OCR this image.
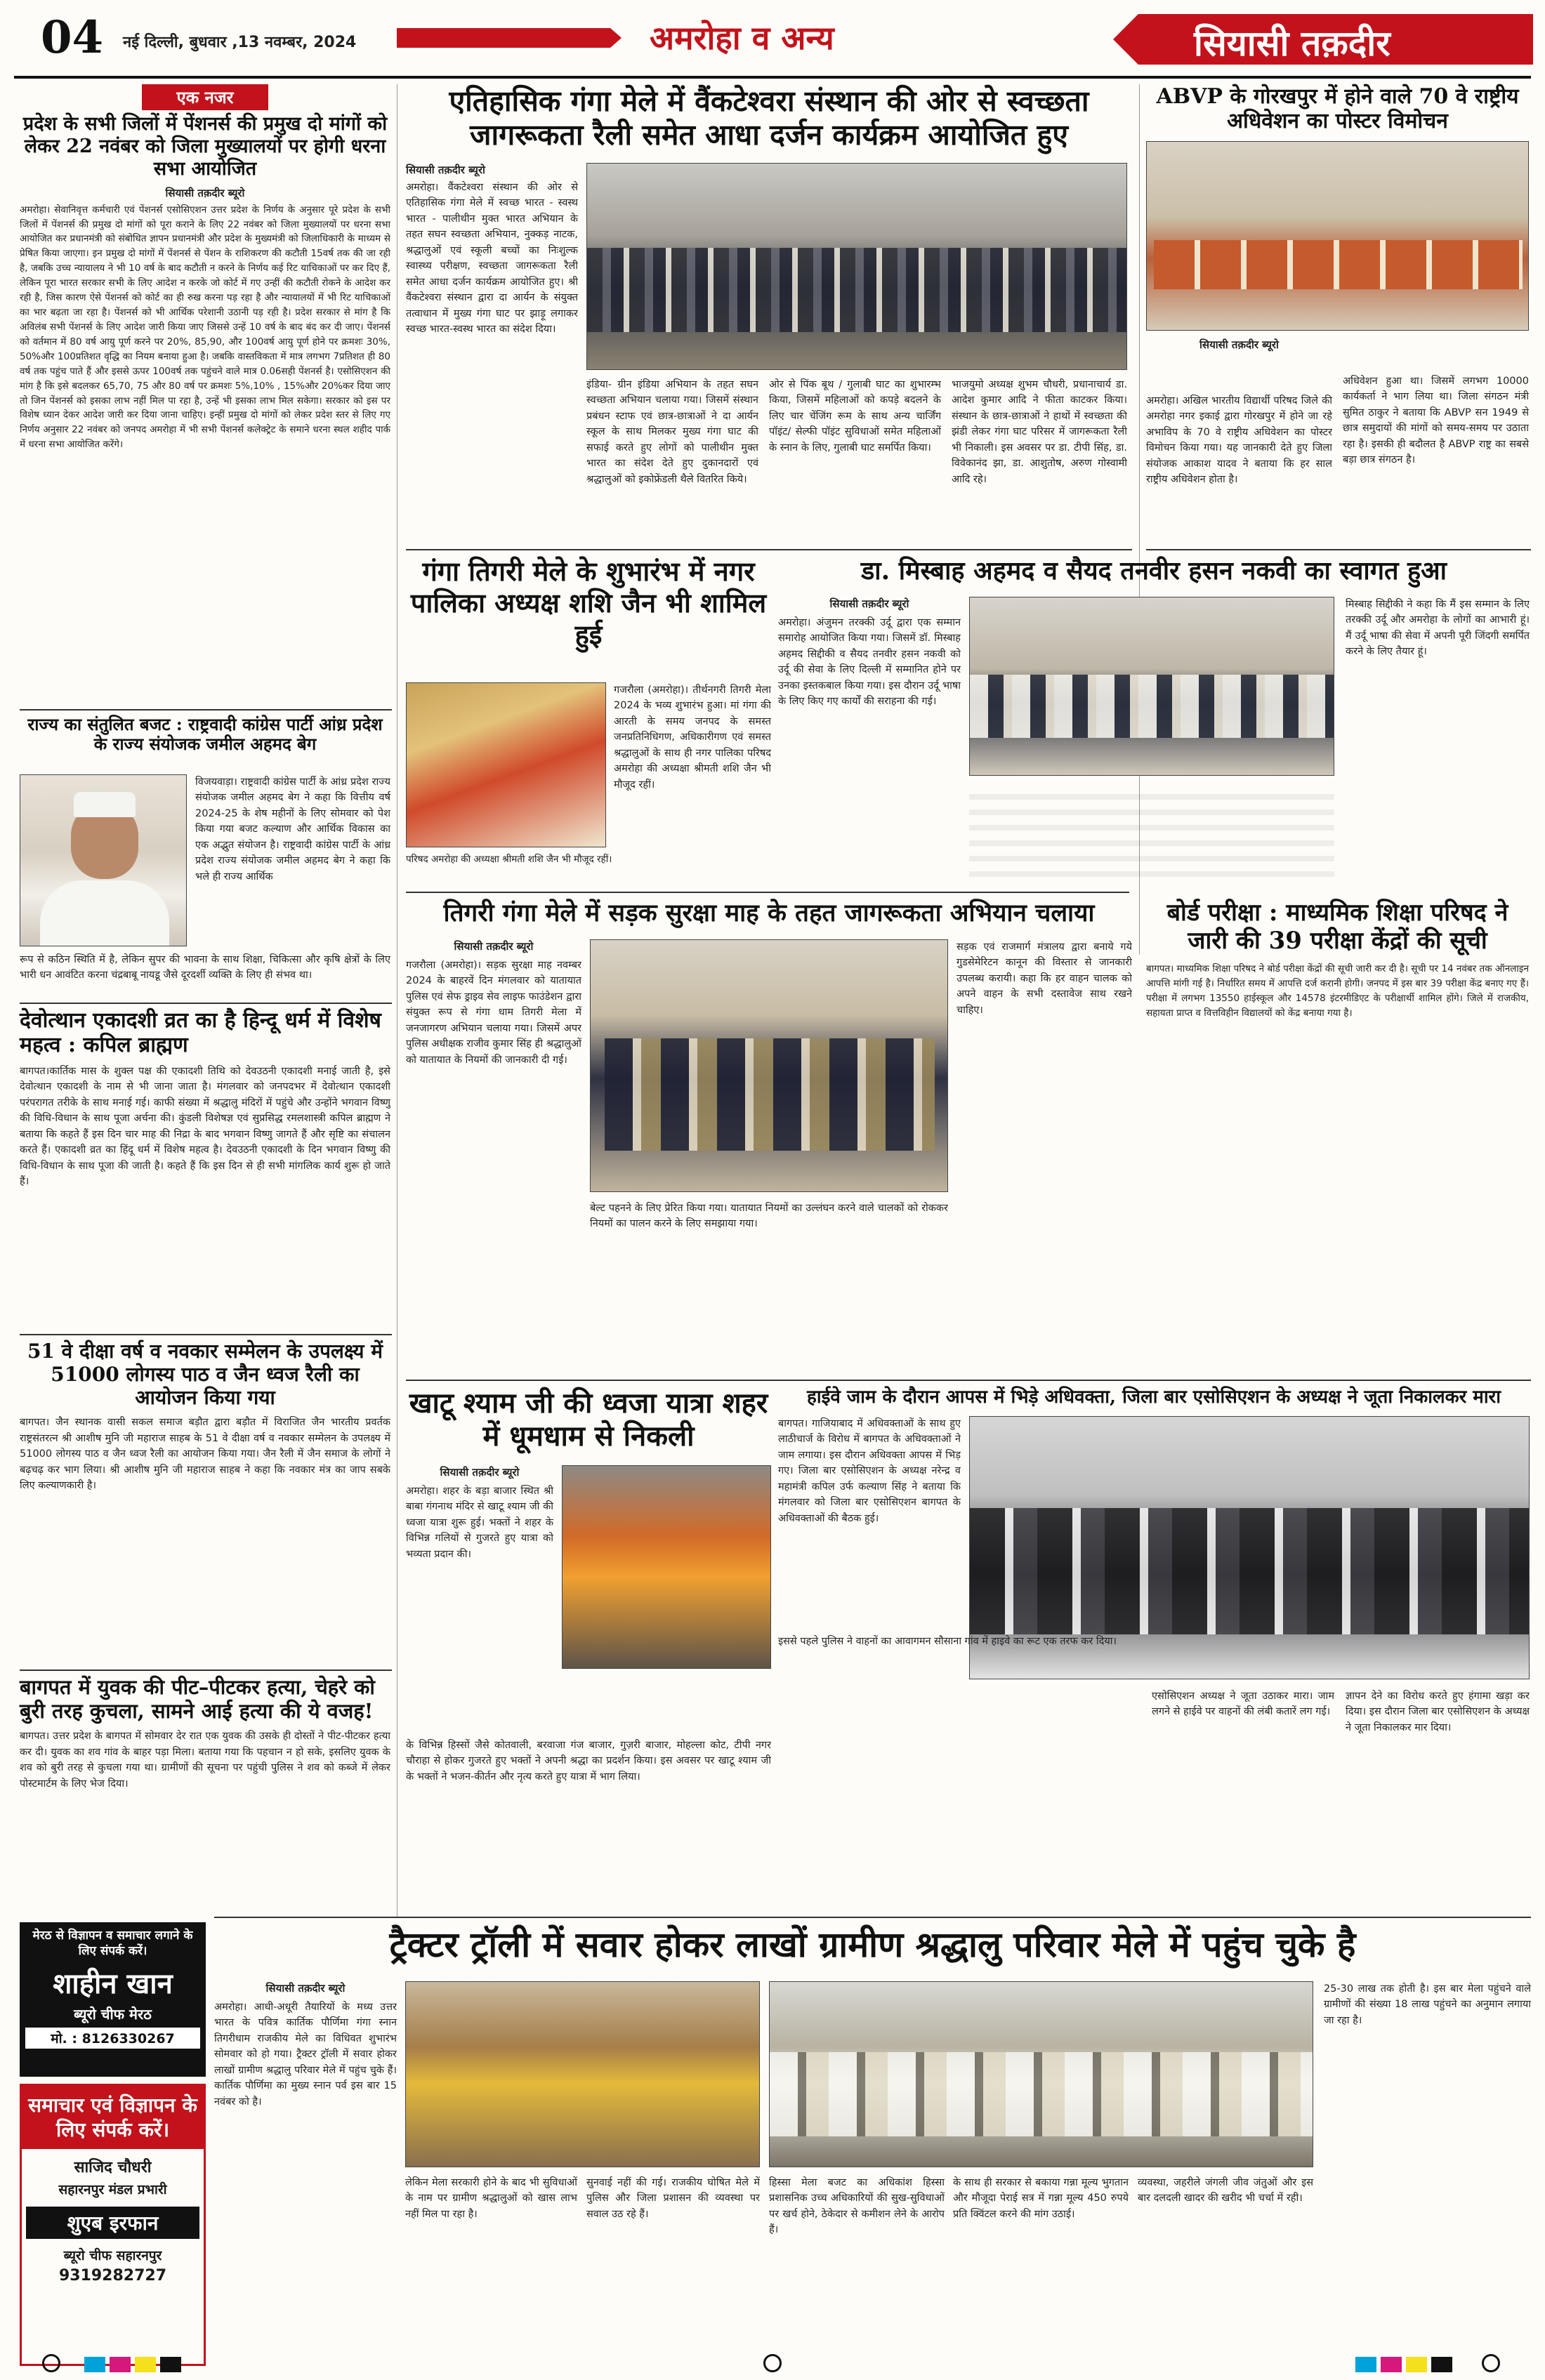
04 नई दिल्ली, बुधवार ,13 नवम्बर, 2024	अमरोहा व अन्य	सियासी तक़दीर
एक नजर
प्रदेश के सभी जिलों में पेंशनर्स की प्रमुख दो मांगों को लेकर 22 नवंबर को जिला मुख्यालयों पर होगी धरना सभा आयोजित
सियासी तक़दीर ब्यूरो
अमरोहा। सेवानिवृत्त कर्मचारी एवं पेंशनर्स एसोसिएशन उत्तर प्रदेश के निर्णय के अनुसार पूरे प्रदेश के सभी जिलों में पेंशनर्स की प्रमुख दो मांगों को पूरा कराने के लिए 22 नवंबर को जिला मुख्यालयों पर धरना सभा आयोजित कर प्रधानमंत्री को संबोधित ज्ञापन प्रधानमंत्री और प्रदेश के मुख्यमंत्री को जिलाधिकारी के माध्यम से प्रेषित किया जाएगा। इन प्रमुख दो मांगों में पेंशनर्स से पेंशन के राशिकरण की कटौती 15वर्ष तक की जा रही है, जबकि उच्च न्यायालय ने भी 10 वर्ष के बाद कटौती न करने के निर्णय कई रिट याचिकाओं पर कर दिए हैं, लेकिन पूरा भारत सरकार सभी के लिए आदेश न करके जो कोर्ट में गए उन्हीं की कटौती रोकने के आदेश कर रही है, जिस कारण ऐसे पेंशनर्स को कोर्ट का ही रुख करना पड़ रहा है और न्यायालयों में भी रिट याचिकाओं का भार बढ़ता जा रहा है। पेंशनर्स को भी आर्थिक परेशानी उठानी पड़ रही है। प्रदेश सरकार से मांग है कि अविलंब सभी पेंशनर्स के लिए आदेश जारी किया जाए जिससे उन्हें 10 वर्ष के बाद बंद कर दी जाए। पेंशनर्स को वर्तमान में 80 वर्ष आयु पूर्ण करने पर 20%, 85,90, और 100वर्ष आयु पूर्ण होने पर क्रमशः 30%, 50%और 100प्रतिशत वृद्धि का नियम बनाया हुआ है। जबकि वास्तविकता में मात्र लगभग 7प्रतिशत ही 80 वर्ष तक पहुंच पाते हैं और इससे ऊपर 100वर्ष तक पहुंचने वाले मात्र 0.06सही पेंशनर्स है। एसोसिएशन की मांग है कि इसे बदलकर 65,70, 75 और 80 वर्ष पर क्रमशः 5%,10% , 15%और 20%कर दिया जाए तो जिन पेंशनर्स को इसका लाभ नहीं मिल पा रहा है, उन्हें भी इसका लाभ मिल सकेगा। सरकार को इस पर विशेष ध्यान देकर आदेश जारी कर दिया जाना चाहिए। इन्हीं प्रमुख दो मांगों को लेकर प्रदेश स्तर से लिए गए निर्णय अनुसार 22 नवंबर को जनपद अमरोहा में भी सभी पेंशनर्स कलेक्ट्रेट के समाने धरना स्थल शहीद पार्क में धरना सभा आयोजित करेंगे।
राज्य का संतुलित बजट : राष्ट्रवादी कांग्रेस पार्टी आंध्र प्रदेश के राज्य संयोजक जमील अहमद बेग
विजयवाड़ा। राष्ट्रवादी कांग्रेस पार्टी के आंध्र प्रदेश राज्य संयोजक जमील अहमद बेग ने कहा कि वित्तीय वर्ष 2024-25 के शेष महीनों के लिए सोमवार को पेश किया गया बजट कल्याण और आर्थिक विकास का एक अद्भुत संयोजन है। राष्ट्रवादी कांग्रेस पार्टी के आंध्र प्रदेश राज्य संयोजक जमील अहमद बेग ने कहा कि भले ही राज्य आर्थिक
रूप से कठिन स्थिति में है, लेकिन सुपर की भावना के साथ शिक्षा, चिकित्सा और कृषि क्षेत्रों के लिए भारी धन आवंटित करना चंद्रबाबू नायडू जैसे दूरदर्शी व्यक्ति के लिए ही संभव था।
देवोत्थान एकादशी व्रत का है हिन्दू धर्म में विशेष महत्व : कपिल ब्राह्मण
बागपत।कार्तिक मास के शुक्ल पक्ष की एकादशी तिथि को देवउठनी एकादशी मनाई जाती है, इसे देवोत्थान एकादशी के नाम से भी जाना जाता है। मंगलवार को जनपदभर में देवोत्थान एकादशी परंपरागत तरीके के साथ मनाई गई। काफी संख्या में श्रद्धालु मंदिरों में पहुंचे और उन्होंने भगवान विष्णु की विधि-विधान के साथ पूजा अर्चना की। कुंडली विशेषज्ञ एवं सुप्रसिद्ध रमलशास्त्री कपिल ब्राह्मण ने बताया कि कहते हैं इस दिन चार माह की निद्रा के बाद भगवान विष्णु जागते हैं और सृष्टि का संचालन करते हैं। एकादशी व्रत का हिंदू धर्म में विशेष महत्व है। देवउठनी एकादशी के दिन भगवान विष्णु की विधि-विधान के साथ पूजा की जाती है। कहते हैं कि इस दिन से ही सभी मांगलिक कार्य शुरू हो जाते हैं।
51 वे दीक्षा वर्ष व नवकार सम्मेलन के उपलक्ष्य में 51000 लोगस्य पाठ व जैन ध्वज रैली का आयोजन किया गया
बागपत। जैन स्थानक वासी सकल समाज बड़ौत द्वारा बड़ौत में विराजित जैन भारतीय प्रवर्तक राष्ट्रसंतरत्न श्री आशीष मुनि जी महाराज साहब के 51 वे दीक्षा वर्ष व नवकार सम्मेलन के उपलक्ष्य में 51000 लोगस्य पाठ व जैन ध्वज रैली का आयोजन किया गया। जैन रैली में जैन समाज के लोगों ने बढ़चढ़ कर भाग लिया। श्री आशीष मुनि जी महाराज साहब ने कहा कि नवकार मंत्र का जाप सबके लिए कल्याणकारी है।
बागपत में युवक की पीट–पीटकर हत्या, चेहरे को बुरी तरह कुचला, सामने आई हत्या की ये वजह!
बागपत। उत्तर प्रदेश के बागपत में सोमवार देर रात एक युवक की उसके ही दोस्तों ने पीट-पीटकर हत्या कर दी। युवक का शव गांव के बाहर पड़ा मिला। बताया गया कि पहचान न हो सके, इसलिए युवक के शव को बुरी तरह से कुचला गया था। ग्रामीणों की सूचना पर पहुंची पुलिस ने शव को कब्जे में लेकर पोस्टमार्टम के लिए भेज दिया।
मेरठ से विज्ञापन व समाचार लगाने के लिए संपर्क करें।
शाहीन खान
ब्यूरो चीफ मेरठ
मो. : 8126330267
समाचार एवं विज्ञापन के लिए संपर्क करें।
साजिद चौधरी
सहारनपुर मंडल प्रभारी
शुएब इरफान
ब्यूरो चीफ सहारनपुर
9319282727
एतिहासिक गंगा मेले में वैंकटेश्वरा संस्थान की ओर से स्वच्छता जागरूकता रैली समेत आधा दर्जन कार्यक्रम आयोजित हुए
सियासी तक़दीर ब्यूरो
अमरोहा। वैंकटेश्वरा संस्थान की ओर से एतिहासिक गंगा मेले में स्वच्छ भारत - स्वस्थ भारत - पालीथीन मुक्त भारत अभियान के तहत सघन स्वच्छता अभियान, नुक्कड़ नाटक, श्रद्धालुओं एवं स्कूली बच्चों का निःशुल्क स्वास्थ्य परीक्षण, स्वच्छता जागरूकता रैली समेत आधा दर्जन कार्यक्रम आयोजित हुए। श्री वैंकटेश्वरा संस्थान द्वारा दा आर्यन के संयुक्त तत्वाधान में मुख्य गंगा घाट पर झाड़ू लगाकर स्वच्छ भारत-स्वस्थ भारत का संदेश दिया।
इंडिया- ग्रीन इंडिया अभियान के तहत सघन स्वच्छता अभियान चलाया गया। जिसमें संस्थान प्रबंधन स्टाफ एवं छात्र-छात्राओं ने दा आर्यन स्कूल के साथ मिलकर मुख्य गंगा घाट की सफाई करते हुए लोगों को पालीथीन मुक्त भारत का संदेश देते हुए दुकानदारों एवं श्रद्धालुओं को इकोफ्रेंडली थैले वितरित किये।
ओर से पिंक बूथ / गुलाबी घाट का शुभारम्भ किया, जिसमें महिलाओं को कपड़े बदलने के लिए चार चेंजिंग रूम के साथ अन्य चार्जिंग पॉइंट/ सेल्फी पॉइंट सुविधाओं समेत महिलाओं के स्नान के लिए, गुलाबी घाट समर्पित किया।
भाजयुमो अध्यक्ष शुभम चौधरी, प्रधानाचार्य डा. आदेश कुमार आदि ने फीता काटकर किया। संस्थान के छात्र-छात्राओं ने हाथों में स्वच्छता की झंडी लेकर गंगा घाट परिसर में जागरूकता रैली भी निकाली। इस अवसर पर डा. टीपी सिंह, डा. विवेकानंद झा, डा. आशुतोष, अरुण गोस्वामी आदि रहे।
ABVP के गोरखपुर में होने वाले 70 वे राष्ट्रीय अधिवेशन का पोस्टर विमोचन
सियासी तक़दीर ब्यूरो
अमरोहा। अखिल भारतीय विद्यार्थी परिषद जिले की अमरोहा नगर इकाई द्वारा गोरखपुर में होने जा रहे अभाविप के 70 वे राष्ट्रीय अधिवेशन का पोस्टर विमोचन किया गया। यह जानकारी देते हुए जिला संयोजक आकाश यादव ने बताया कि हर साल राष्ट्रीय अधिवेशन होता है।
अधिवेशन हुआ था। जिसमें लगभग 10000 कार्यकर्ता ने भाग लिया था। जिला संगठन मंत्री सुमित ठाकुर ने बताया कि ABVP सन 1949 से छात्र समुदायों की मांगों को समय-समय पर उठाता रहा है। इसकी ही बदौलत है ABVP राष्ट्र का सबसे बड़ा छात्र संगठन है।
गंगा तिगरी मेले के शुभारंभ में नगर पालिका अध्यक्ष शशि जैन भी शामिल हुई
गजरौला (अमरोहा)। तीर्थनगरी तिगरी मेला 2024 के भव्य शुभारंभ हुआ। मां गंगा की आरती के समय जनपद के समस्त जनप्रतिनिधिगण, अधिकारीगण एवं समस्त श्रद्धालुओं के साथ ही नगर पालिका परिषद अमरोहा की अध्यक्षा श्रीमती शशि जैन भी मौजूद रहीं।
परिषद अमरोहा की अध्यक्षा श्रीमती शशि जैन भी मौजूद रहीं।
डा. मिस्बाह अहमद व सैयद तनवीर हसन नकवी का स्वागत हुआ
सियासी तक़दीर ब्यूरो
अमरोहा। अंजुमन तरक्की उर्दू द्वारा एक सम्मान समारोह आयोजित किया गया। जिसमें डॉ. मिस्बाह अहमद सिद्दीकी व सैयद तनवीर हसन नकवी को उर्दू की सेवा के लिए दिल्ली में सम्मानित होने पर उनका इस्तकबाल किया गया। इस दौरान उर्दू भाषा के लिए किए गए कार्यों की सराहना की गई।
मिस्बाह सिद्दीकी ने कहा कि मैं इस सम्मान के लिए तरक्की उर्दू और अमरोहा के लोगों का आभारी हूं। मैं उर्दू भाषा की सेवा में अपनी पूरी जिंदगी समर्पित करने के लिए तैयार हूं।
तिगरी गंगा मेले में सड़क सुरक्षा माह के तहत जागरूकता अभियान चलाया
सियासी तक़दीर ब्यूरो
गजरौला (अमरोहा)। सड़क सुरक्षा माह नवम्बर 2024 के बाहरवें दिन मंगलवार को यातायात पुलिस एवं सेफ ड्राइव सेव लाइफ फाउंडेशन द्वारा संयुक्त रूप से गंगा धाम तिगरी मेला में जनजागरण अभियान चलाया गया। जिसमें अपर पुलिस अधीक्षक राजीव कुमार सिंह ही श्रद्धालुओं को यातायात के नियमों की जानकारी दी गई।
बेल्ट पहनने के लिए प्रेरित किया गया। यातायात नियमों का उल्लंघन करने वाले चालकों को रोककर नियमों का पालन करने के लिए समझाया गया।
सड़क एवं राजमार्ग मंत्रालय द्वारा बनाये गये गुडसेमेरिटन कानून की विस्तार से जानकारी उपलब्ध करायी। कहा कि हर वाहन चालक को अपने वाहन के सभी दस्तावेज साथ रखने चाहिए।
बोर्ड परीक्षा : माध्यमिक शिक्षा परिषद ने जारी की 39 परीक्षा केंद्रों की सूची
बागपत। माध्यमिक शिक्षा परिषद ने बोर्ड परीक्षा केंद्रों की सूची जारी कर दी है। सूची पर 14 नवंबर तक ऑनलाइन आपत्ति मांगी गई है। निर्धारित समय में आपत्ति दर्ज करानी होगी। जनपद में इस बार 39 परीक्षा केंद्र बनाए गए हैं। परीक्षा में लगभग 13550 हाईस्कूल और 14578 इंटरमीडिएट के परीक्षार्थी शामिल होंगे। जिले में राजकीय, सहायता प्राप्त व वित्तविहीन विद्यालयों को केंद्र बनाया गया है।
खाटू श्याम जी की ध्वजा यात्रा शहर में धूमधाम से निकली
सियासी तक़दीर ब्यूरो
अमरोहा। शहर के बड़ा बाजार स्थित श्री बाबा गंगनाथ मंदिर से खाटू श्याम जी की ध्वजा यात्रा शुरू हुई। भक्तों ने शहर के विभिन्न गलियों से गुजरते हुए यात्रा को भव्यता प्रदान की।
के विभिन्न हिस्सों जैसे कोतवाली, बरवाजा गंज बाजार, गुज़री बाजार, मोहल्ला कोट, टीपी नगर चौराहा से होकर गुजरते हुए भक्तों ने अपनी श्रद्धा का प्रदर्शन किया। इस अवसर पर खाटू श्याम जी के भक्तों ने भजन-कीर्तन और नृत्य करते हुए यात्रा में भाग लिया।
हाईवे जाम के दौरान आपस में भिड़े अधिवक्ता, जिला बार एसोसिएशन के अध्यक्ष ने जूता निकालकर मारा
बागपत। गाजियाबाद में अधिवक्ताओं के साथ हुए लाठीचार्ज के विरोध में बागपत के अधिवक्ताओं ने जाम लगाया। इस दौरान अधिवक्ता आपस में भिड़ गए। जिला बार एसोसिएशन के अध्यक्ष नरेन्द्र व महामंत्री कपिल उर्फ कल्याण सिंह ने बताया कि मंगलवार को जिला बार एसोसिएशन बागपत के अधिवक्ताओं की बैठक हुई।
इससे पहले पुलिस ने वाहनों का आवागमन सौसाना गांव में हाइवे का रूट एक तरफ कर दिया।
एसोसिएशन अध्यक्ष ने जूता उठाकर मारा। जाम लगने से हाईवे पर वाहनों की लंबी कतारें लग गई।
ज्ञापन देने का विरोध करते हुए हंगामा खड़ा कर दिया। इस दौरान जिला बार एसोसिएशन के अध्यक्ष ने जूता निकालकर मार दिया।
ट्रैक्टर ट्रॉली में सवार होकर लाखों ग्रामीण श्रद्धालु परिवार मेले में पहुंच चुके है
सियासी तक़दीर ब्यूरो
अमरोहा। आधी-अधूरी तैयारियों के मध्य उत्तर भारत के पवित्र कार्तिक पौर्णिमा गंगा स्नान तिगरीधाम राजकीय मेले का विधिवत शुभारंभ सोमवार को हो गया। ट्रैक्टर ट्रॉली में सवार होकर लाखों ग्रामीण श्रद्धालु परिवार मेले में पहुंच चुके हैं। कार्तिक पौर्णिमा का मुख्य स्नान पर्व इस बार 15 नवंबर को है।
लेकिन मेला सरकारी होने के बाद भी सुविधाओं के नाम पर ग्रामीण श्रद्धालुओं को खास लाभ नहीं मिल पा रहा है।
सुनवाई नहीं की गई। राजकीय घोषित मेले में पुलिस और जिला प्रशासन की व्यवस्था पर सवाल उठ रहे हैं।
हिस्सा मेला बजट का अधिकांश हिस्सा प्रशासनिक उच्च अधिकारियों की सुख-सुविधाओं पर खर्च होने, ठेकेदार से कमीशन लेने के आरोप हैं।
के साथ ही सरकार से बकाया गन्ना मूल्य भुगतान और मौजूदा पेराई सत्र में गन्ना मूल्य 450 रुपये प्रति क्विंटल करने की मांग उठाई।
व्यवस्था, जहरीले जंगली जीव जंतुओं और इस बार दलदली खादर की खरीद भी चर्चा में रही।
25-30 लाख तक होती है। इस बार मेला पहुंचने वाले ग्रामीणों की संख्या 18 लाख पहुंचने का अनुमान लगाया जा रहा है।
